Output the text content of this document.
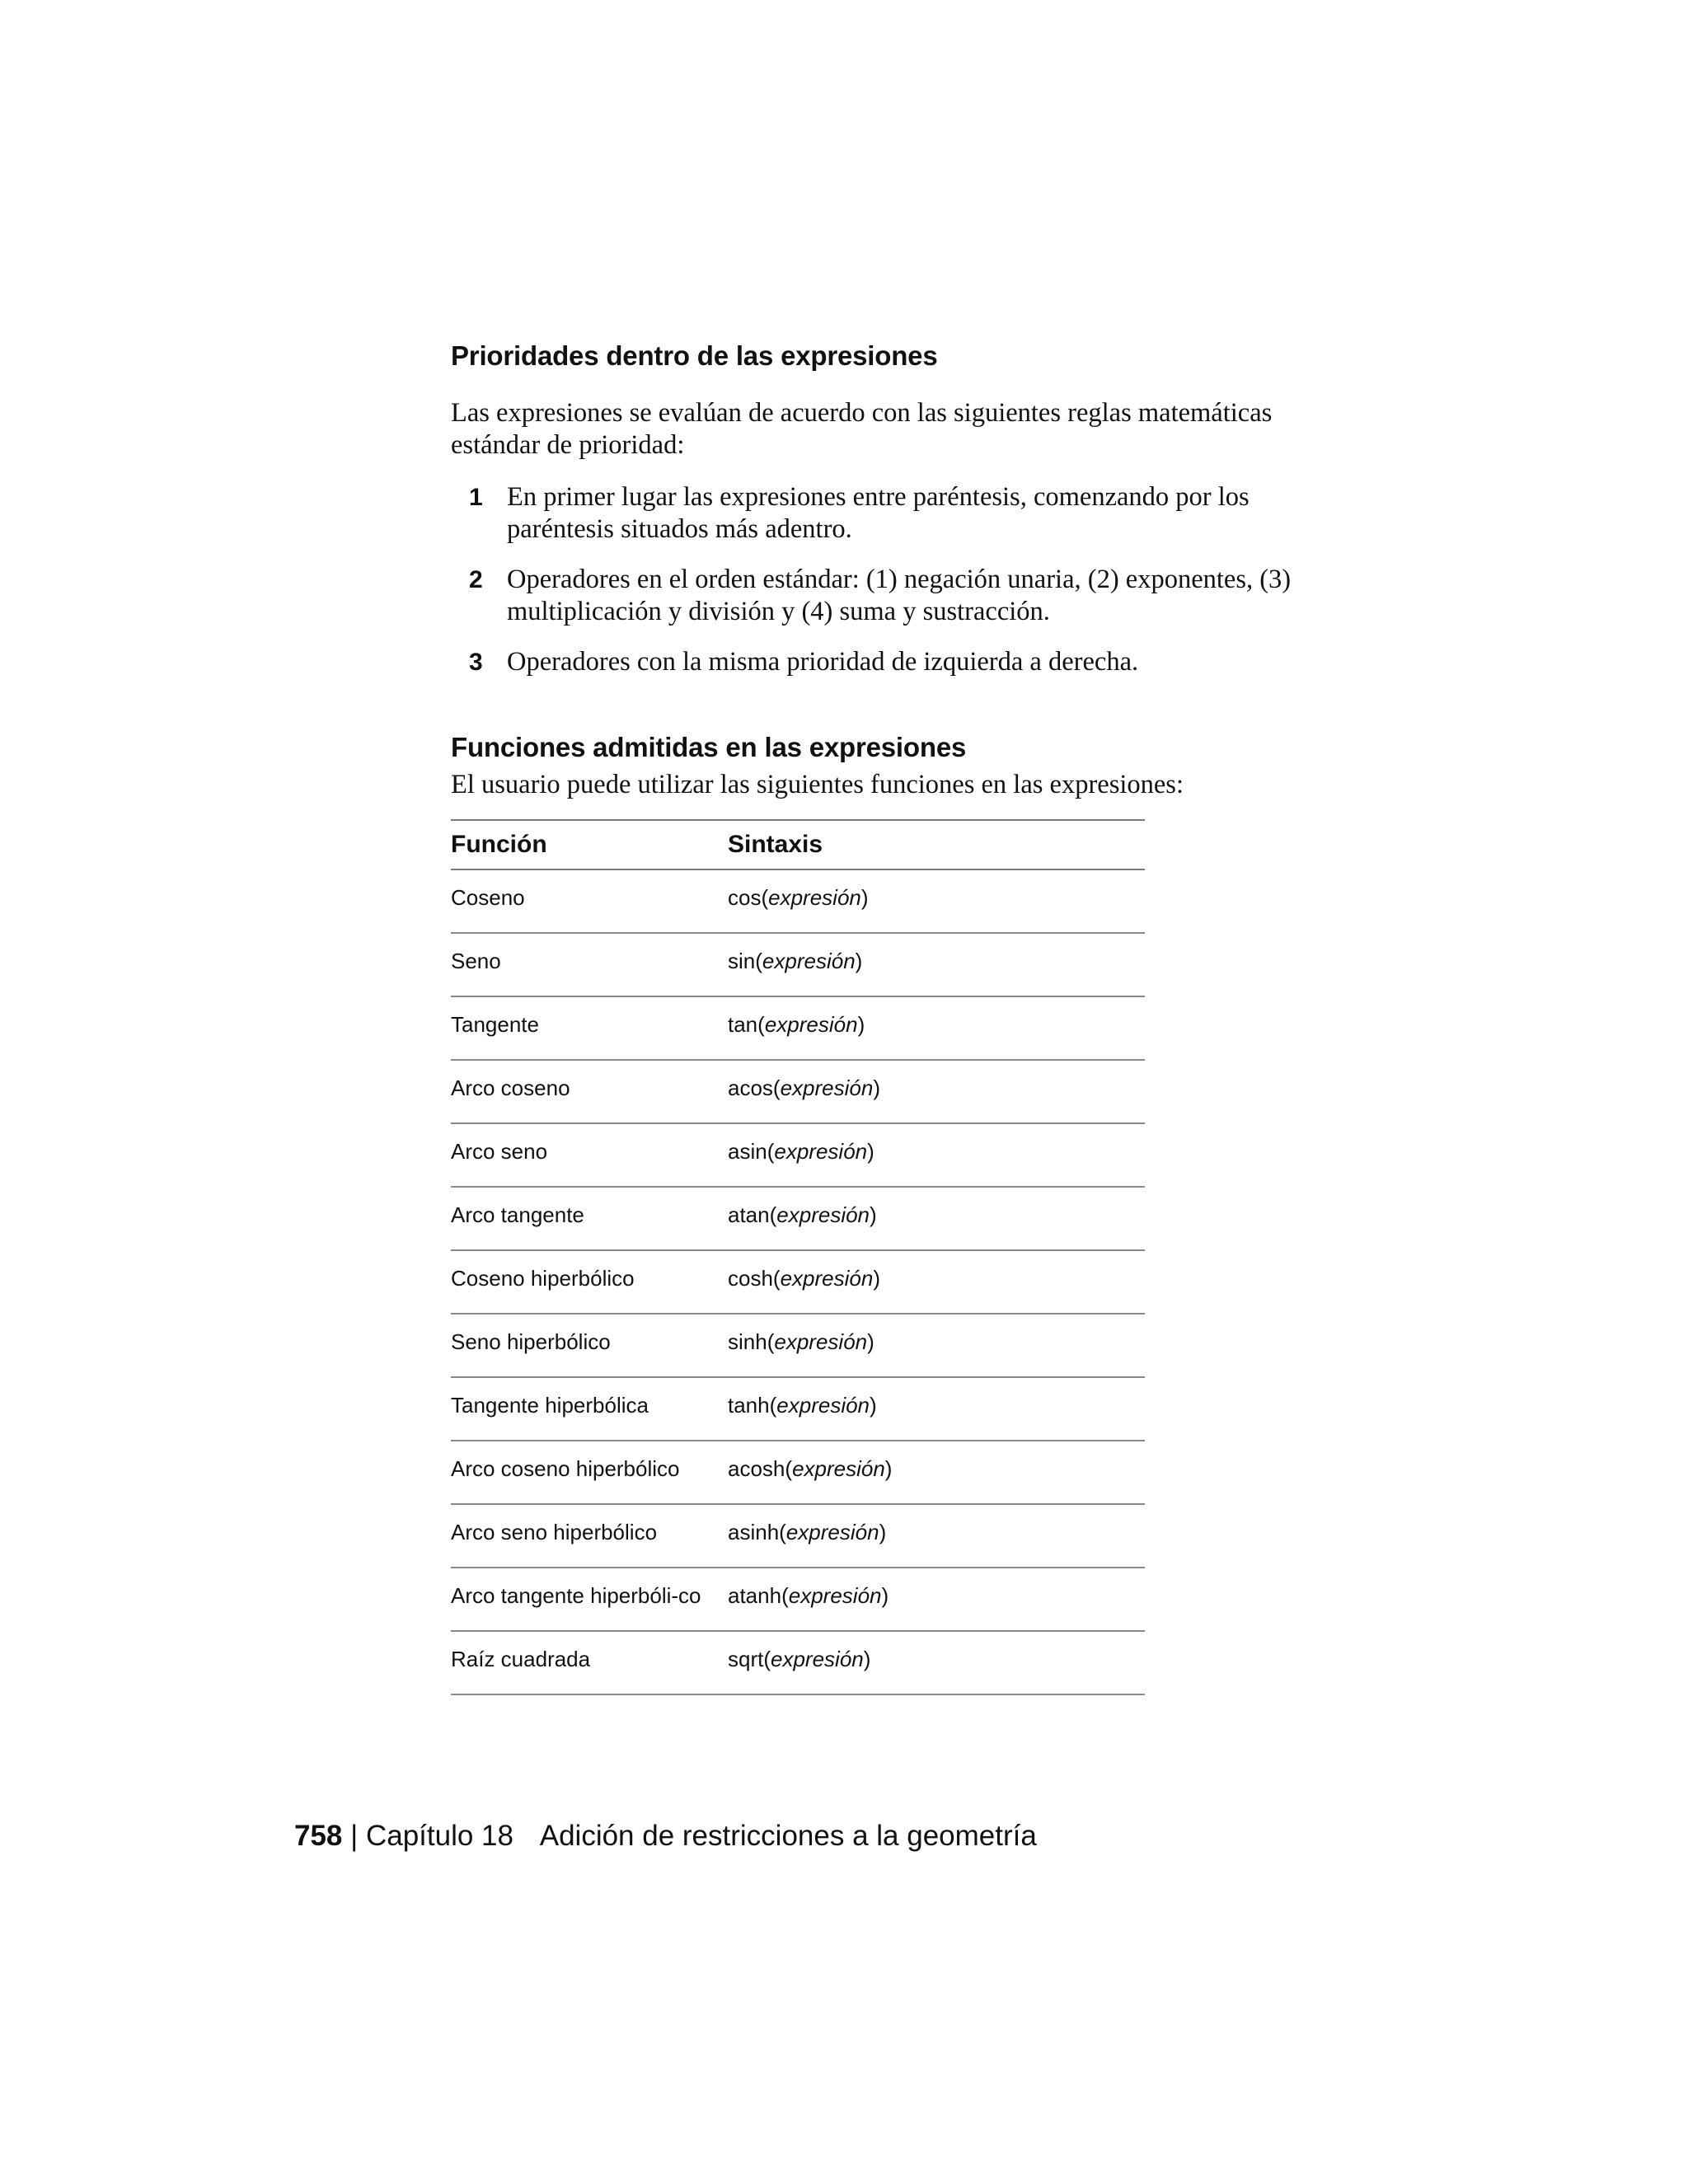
Prioridades dentro de las expresiones

Las expresiones se evalúan de acuerdo con las siguientes reglas matemáticas estándar de prioridad:

1 En primer lugar las expresiones entre paréntesis, comenzando por los paréntesis situados más adentro.
2 Operadores en el orden estándar: (1) negación unaria, (2) exponentes, (3) multiplicación y división y (4) suma y sustracción.
3 Operadores con la misma prioridad de izquierda a derecha.
Funciones admitidas en las expresiones

El usuario puede utilizar las siguientes funciones en las expresiones:

Función	Sintaxis
Coseno	cos(expresión)
Seno	sin(expresión)
Tangente	tan(expresión)
Arco coseno	acos(expresión)
Arco seno	asin(expresión)
Arco tangente	atan(expresión)
Coseno hiperbólico	cosh(expresión)
Seno hiperbólico	sinh(expresión)
Tangente hiperbólica	tanh(expresión)
Arco coseno hiperbólico	acosh(expresión)
Arco seno hiperbólico	asinh(expresión)
Arco tangente hiperbóli-co	atanh(expresión)
Raíz cuadrada	sqrt(expresión)
758 | Capítulo 18 Adición de restricciones a la geometría
